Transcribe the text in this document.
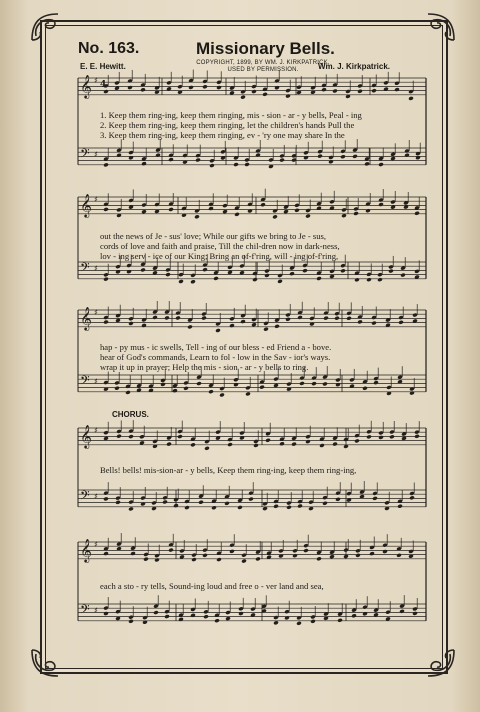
No. 163.	Missionary Bells.
COPYRIGHT, 1899, BY WM. J. KIRKPATRICK.
USED BY PERMISSION.
E. E. Hewitt.	Wm. J. Kirkpatrick.
𝄞 ♯
𝄢 ♯
𝄞 ♯
𝄢 ♯
𝄞 ♯
𝄢 ♯
𝄞 ♯
𝄢 ♯
𝄞 ♯
𝄢 ♯
4
1. Keep them ring-ing, keep them ringing, mis - sion - ar - y bells, Peal - ing
2. Keep them ring-ing, keep them ringing, let the children's hands Pull the
3. Keep them ring-ing, keep them ringing, ev - 'ry one may share In the
out the news of Je - sus' love; While our gifts we bring to Je - sus,
cords of love and faith and praise, Till the chil-dren now in dark-ness,
lov - ing serv - ice of our King; Bring an of-f'ring, will - ing of-f'ring,
hap - py mus - ic swells, Tell - ing of our bless - ed Friend a - bove.
hear of God's commands, Learn to fol - low in the Sav - ior's ways.
wrap it up in prayer; Help the mis - sion - ar - y bells to ring.
CHORUS.
Bells! bells! mis-sion-ar - y bells, Keep them ring-ing, keep them ring-ing,
each a sto - ry tells, Sound-ing loud and free o - ver land and sea,
